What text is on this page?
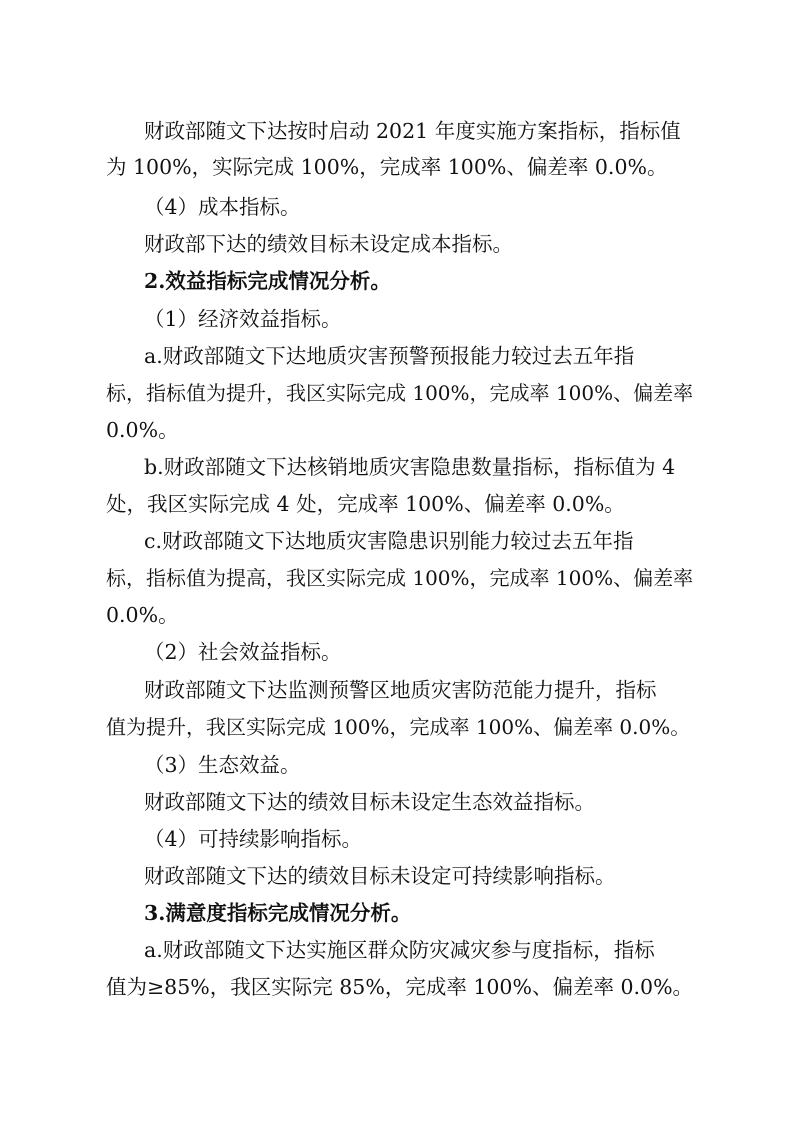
财政部随文下达按时启动 2021 年度实施方案指标，指标值

为 100%，实际完成 100%，完成率 100%、偏差率 0.0%。

（4）成本指标。

财政部下达的绩效目标未设定成本指标。

2.效益指标完成情况分析。

（1）经济效益指标。

a.财政部随文下达地质灾害预警预报能力较过去五年指

标，指标值为提升，我区实际完成 100%，完成率 100%、偏差率

0.0%。

b.财政部随文下达核销地质灾害隐患数量指标，指标值为 4

处，我区实际完成 4 处，完成率 100%、偏差率 0.0%。

c.财政部随文下达地质灾害隐患识别能力较过去五年指

标，指标值为提高，我区实际完成 100%，完成率 100%、偏差率

0.0%。

（2）社会效益指标。

财政部随文下达监测预警区地质灾害防范能力提升，指标

值为提升，我区实际完成 100%，完成率 100%、偏差率 0.0%。

（3）生态效益。

财政部随文下达的绩效目标未设定生态效益指标。

（4）可持续影响指标。

财政部随文下达的绩效目标未设定可持续影响指标。

3.满意度指标完成情况分析。

a.财政部随文下达实施区群众防灾减灾参与度指标，指标

值为≥85%，我区实际完 85%，完成率 100%、偏差率 0.0%。
